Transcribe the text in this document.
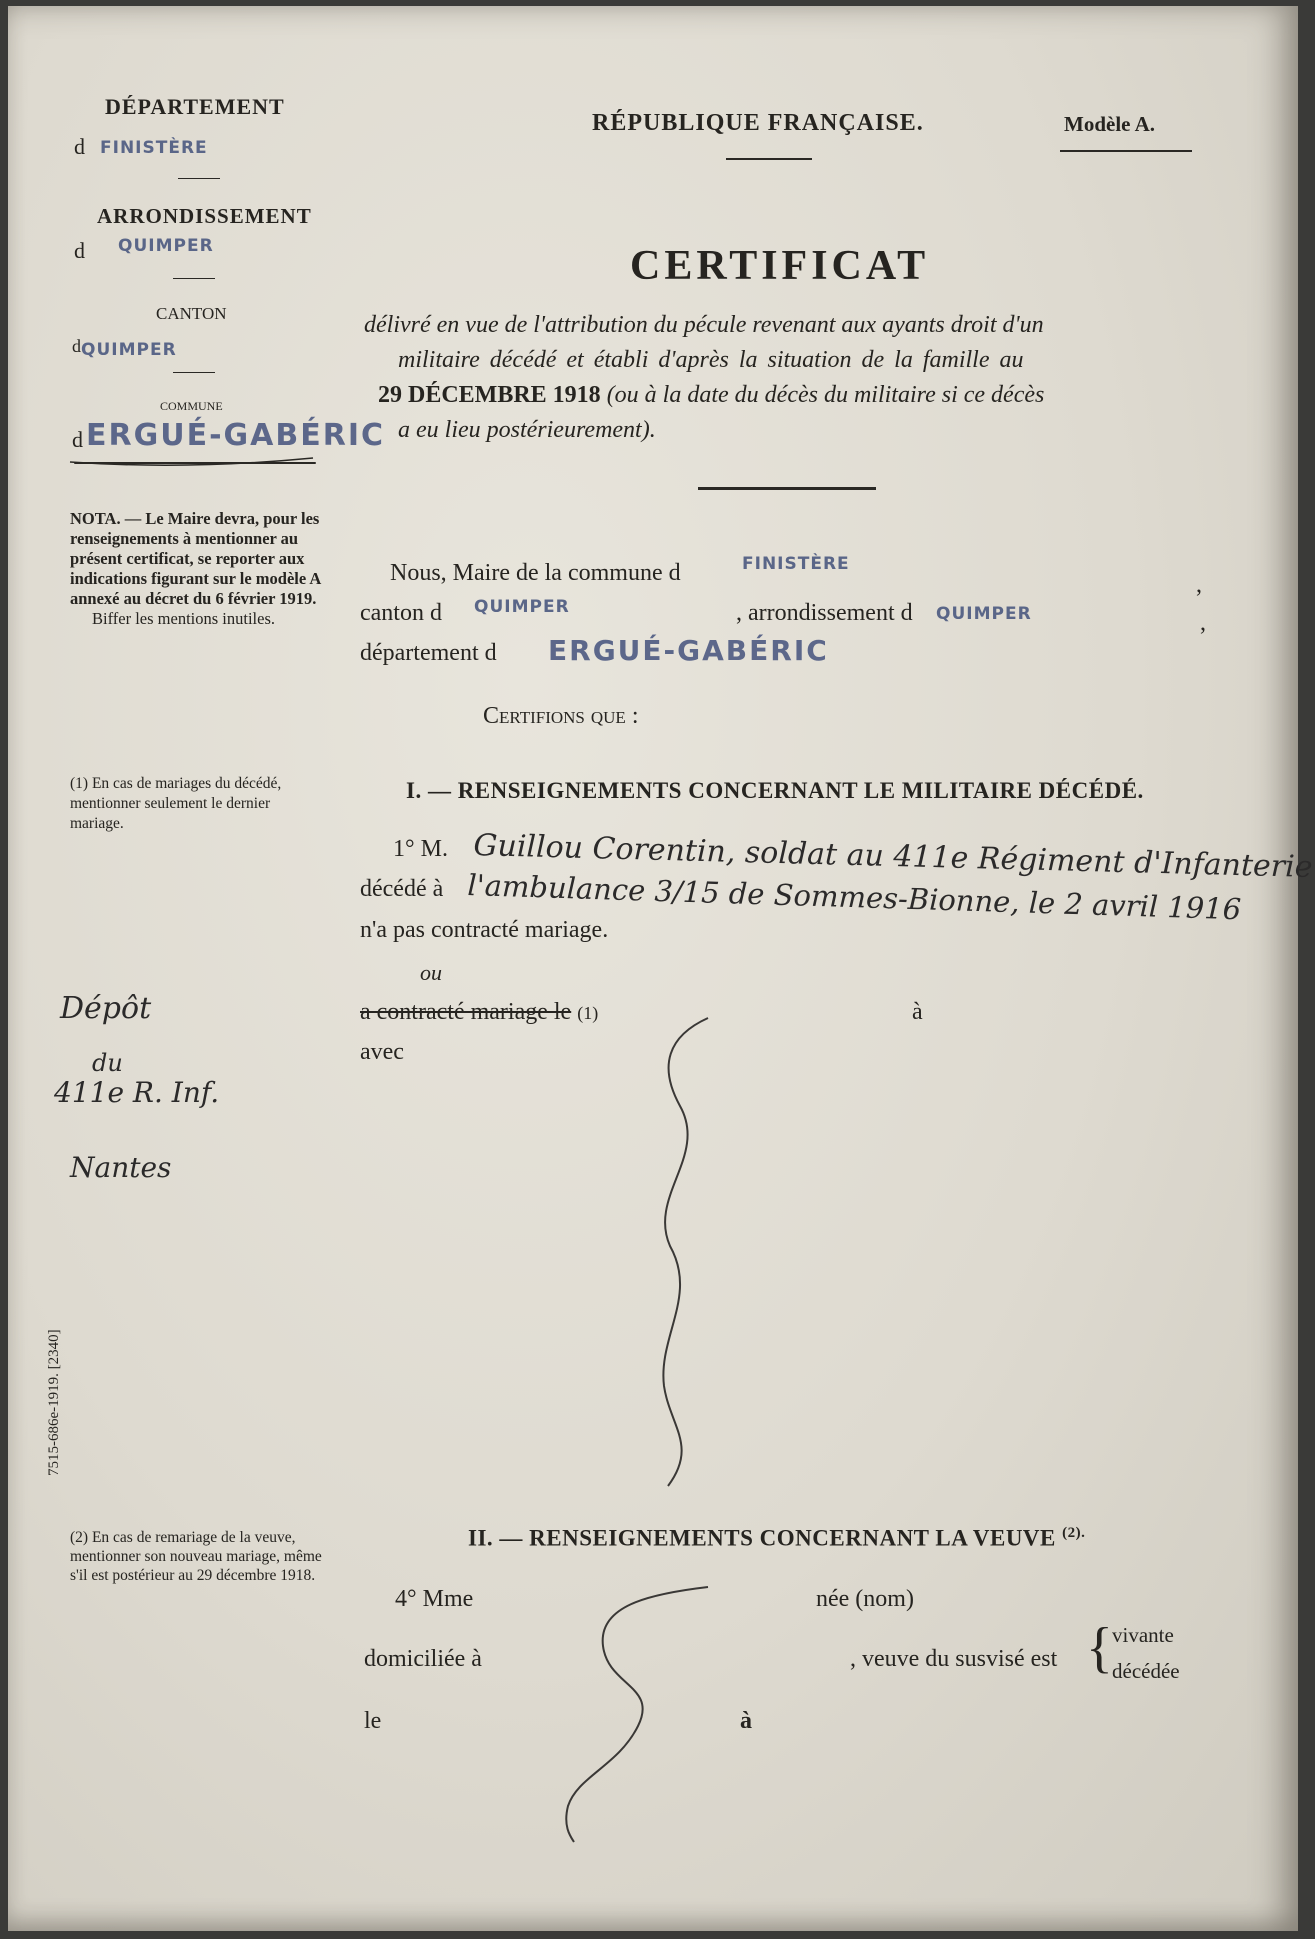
DÉPARTEMENT
d FINISTÈRE
ARRONDISSEMENT
d QUIMPER
CANTON
d QUIMPER
COMMUNE
d ERGUÉ-GABÉRIC
NOTA. — Le Maire devra, pour les renseignements à mentionner au présent certificat, se reporter aux indications figurant sur le modèle A annexé au décret du 6 février 1919.
Biffer les mentions inutiles.
(1) En cas de mariages du décédé, mentionner seulement le dernier mariage.
Dépôt
du
411e R. Inf.
Nantes
7515-686e-1919. [2340]
(2) En cas de remariage de la veuve, mentionner son nouveau mariage, même s'il est postérieur au 29 décembre 1918.
RÉPUBLIQUE FRANÇAISE.	Modèle A.
CERTIFICAT
délivré en vue de l'attribution du pécule revenant aux ayants droit d'un
militaire décédé et établi d'après la situation de la famille au
29 DÉCEMBRE 1918 (ou à la date du décès du militaire si ce décès
a eu lieu postérieurement).
Nous, Maire de la commune d	FINISTÈRE
,
canton d QUIMPER	, arrondissement d QUIMPER	,
département d ERGUÉ-GABÉRIC
Certifions que :
I. — RENSEIGNEMENTS CONCERNANT LE MILITAIRE DÉCÉDÉ.
1° M. Guillou Corentin, soldat au 411e Régiment d'Infanterie
décédé à l'ambulance 3/15 de Sommes-Bionne, le 2 avril 1916
n'a pas contracté mariage.
ou
a contracté mariage le (1)	à
avec
II. — RENSEIGNEMENTS CONCERNANT LA VEUVE $^{(2).}$
4° Mme	née (nom)
domiciliée à	, veuve du susvisé est { vivante
décédée
le	à
